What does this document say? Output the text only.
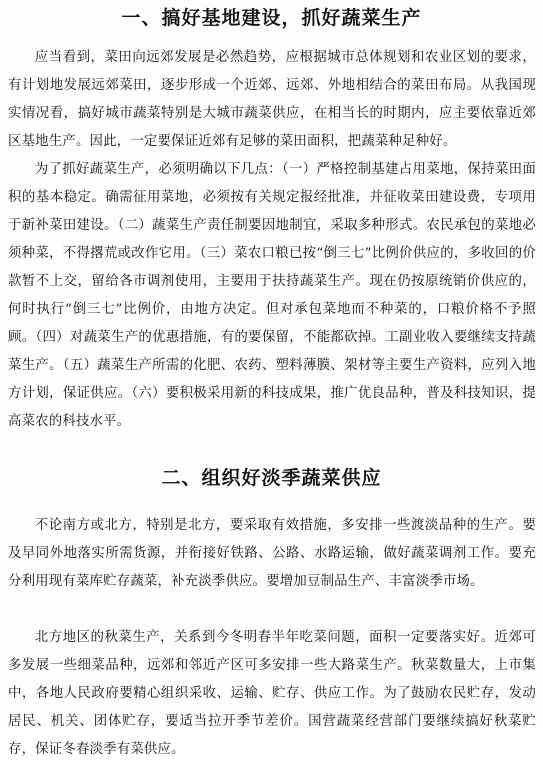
一、搞好基地建设，抓好蔬菜生产

应当看到，菜田向远郊发展是必然趋势，应根据城市总体规划和农业区划的要求，有计划地发展远郊菜田，逐步形成一个近郊、远郊、外地相结合的菜田布局。从我国现实情况看，搞好城市蔬菜特别是大城市蔬菜供应，在相当长的时期内，应主要依靠近郊区基地生产。因此，一定要保证近郊有足够的菜田面积，把蔬菜种足种好。

为了抓好蔬菜生产，必须明确以下几点：（一）严格控制基建占用菜地，保持菜田面积的基本稳定。确需征用菜地，必须按有关规定报经批准，并征收菜田建设费，专项用于新补菜田建设。（二）蔬菜生产责任制要因地制宜，采取多种形式。农民承包的菜地必须种菜，不得撂荒或改作它用。（三）菜农口粮已按“倒三七”比例价供应的，多收回的价款暂不上交，留给各市调剂使用，主要用于扶持蔬菜生产。现在仍按原统销价供应的，何时执行“倒三七”比例价，由地方决定。但对承包菜地而不种菜的，口粮价格不予照顾。（四）对蔬菜生产的优惠措施，有的要保留，不能都砍掉。工副业收入要继续支持蔬菜生产。（五）蔬菜生产所需的化肥、农药、塑料薄膜、架材等主要生产资料，应列入地方计划，保证供应。（六）要积极采用新的科技成果，推广优良品种，普及科技知识，提高菜农的科技水平。

二、组织好淡季蔬菜供应

不论南方或北方，特别是北方，要采取有效措施，多安排一些渡淡品种的生产。要及早同外地落实所需货源，并衔接好铁路、公路、水路运输，做好蔬菜调剂工作。要充分利用现有菜库贮存蔬菜，补充淡季供应。要增加豆制品生产、丰富淡季市场。

北方地区的秋菜生产，关系到今冬明春半年吃菜问题，面积一定要落实好。近郊可多发展一些细菜品种，远郊和邻近产区可多安排一些大路菜生产。秋菜数量大，上市集中，各地人民政府要精心组织采收、运输、贮存、供应工作。为了鼓励农民贮存，发动居民、机关、团体贮存，要适当拉开季节差价。国营蔬菜经营部门要继续搞好秋菜贮存，保证冬春淡季有菜供应。
